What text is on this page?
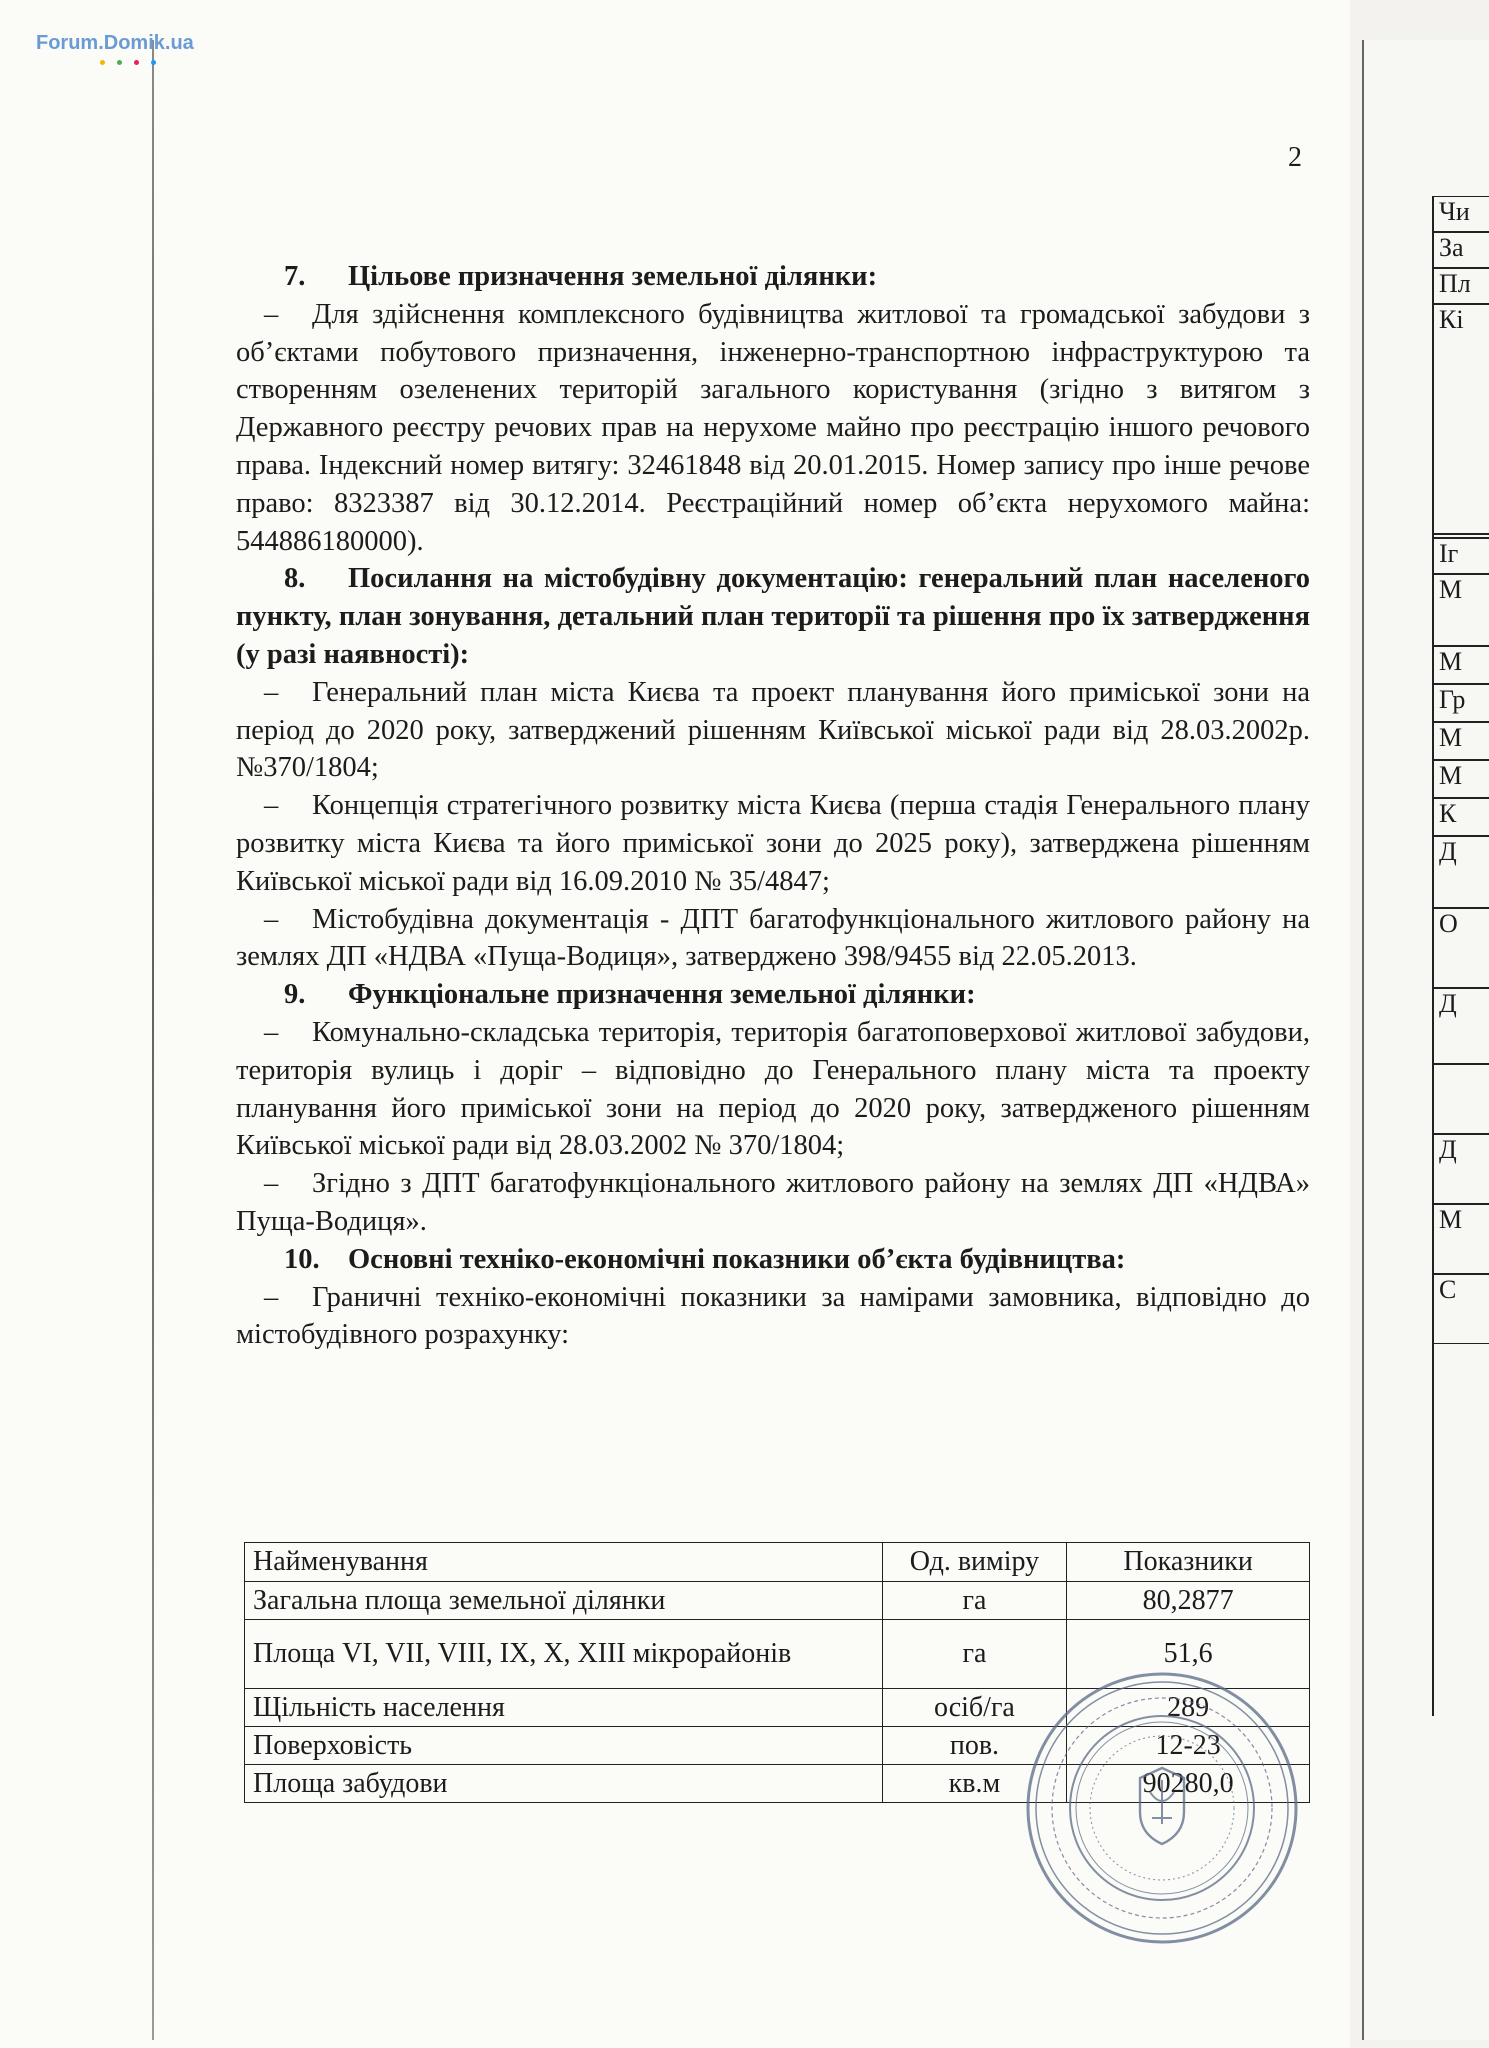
Forum.Domik.ua
2

7. Цільове призначення земельної ділянки:

– Для здійснення комплексного будівництва житлової та громадської забудови з об’єктами побутового призначення, інженерно-транспортною інфраструктурою та створенням озеленених територій загального користування (згідно з витягом з Державного реєстру речових прав на нерухоме майно про реєстрацію іншого речового права. Індексний номер витягу: 32461848 від 20.01.2015. Номер запису про інше речове право: 8323387 від 30.12.2014. Реєстраційний номер об’єкта нерухомого майна: 544886180000).

8. Посилання на містобудівну документацію: генеральний план населеного пункту, план зонування, детальний план території та рішення про їх затвердження (у разі наявності):

– Генеральний план міста Києва та проект планування його приміської зони на період до 2020 року, затверджений рішенням Київської міської ради від 28.03.2002р. №370/1804;

– Концепція стратегічного розвитку міста Києва (перша стадія Генерального плану розвитку міста Києва та його приміської зони до 2025 року), затверджена рішенням Київської міської ради від 16.09.2010 № 35/4847;

– Містобудівна документація - ДПТ багатофункціонального житлового району на землях ДП «НДВА «Пуща-Водиця», затверджено 398/9455 від 22.05.2013.

9. Функціональне призначення земельної ділянки:

– Комунально-складська територія, територія багатоповерхової житлової забудови, територія вулиць і доріг – відповідно до Генерального плану міста та проекту планування його приміської зони на період до 2020 року, затвердженого рішенням Київської міської ради від 28.03.2002 № 370/1804;

– Згідно з ДПТ багатофункціонального житлового району на землях ДП «НДВА» Пуща-Водиця».

10. Основні техніко-економічні показники об’єкта будівництва:

– Граничні техніко-економічні показники за намірами замовника, відповідно до містобудівного розрахунку:

Найменування	Од. виміру	Показники
Загальна площа земельної ділянки	га	80,2877
Площа VI, VII, VIII, IX, X, XIII мікрорайонів	га	51,6
Щільність населення	осіб/га	289
Поверховість	пов.	12-23
Площа забудови	кв.м	90280,0
Чи
За
Пл
Кі
Іг
М
М
Гр
М
М
К
Д
О
Д
Д
М
С
